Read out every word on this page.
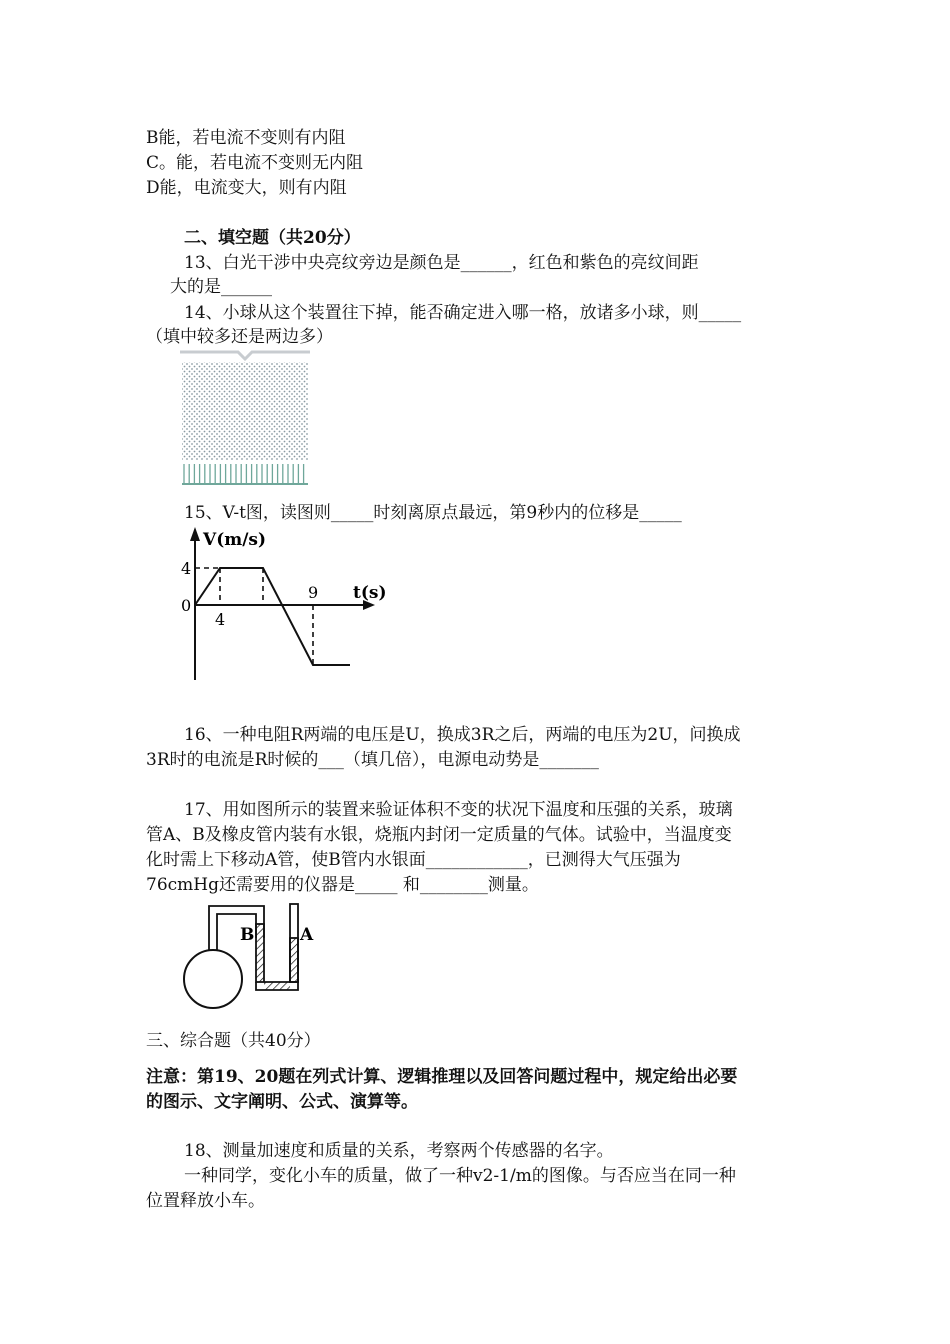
B能，若电流不变则有内阻
C。能，若电流不变则无内阻
D能，电流变大，则有内阻
二、填空题（共20分）
13、白光干涉中央亮纹旁边是颜色是______，红色和紫色的亮纹间距
大的是______
14、小球从这个装置往下掉，能否确定进入哪一格，放诸多小球，则_____
（填中较多还是两边多）
15、V-t图，读图则_____时刻离原点最远，第9秒内的位移是_____
V(m/s)
t(s)
4
0
4
9
16、一种电阻R两端的电压是U，换成3R之后，两端的电压为2U，问换成
3R时的电流是R时候的___（填几倍），电源电动势是_______
17、用如图所示的装置来验证体积不变的状况下温度和压强的关系，玻璃
管A、B及橡皮管内装有水银，烧瓶内封闭一定质量的气体。试验中，当温度变
化时需上下移动A管，使B管内水银面____________，已测得大气压强为
76cmHg还需要用的仪器是_____ 和________测量。
B	A
三、综合题（共40分）
注意：第19、20题在列式计算、逻辑推理以及回答问题过程中，规定给出必要
的图示、文字阐明、公式、演算等。
18、测量加速度和质量的关系，考察两个传感器的名字。
一种同学，变化小车的质量，做了一种v2-1/m的图像。与否应当在同一种
位置释放小车。
